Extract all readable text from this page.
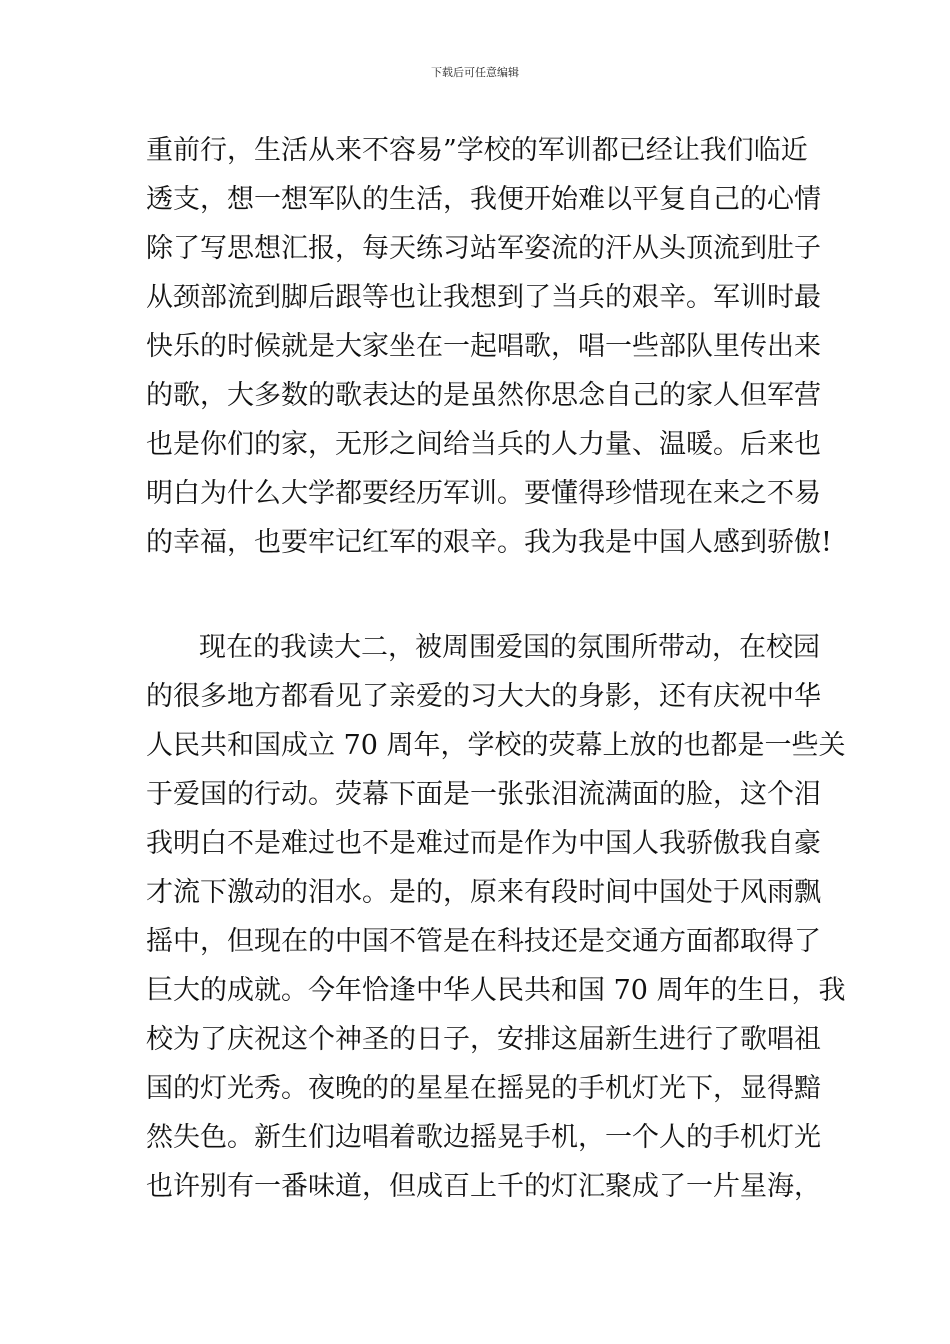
下载后可任意编辑
重前行，生活从来不容易”学校的军训都已经让我们临近
透支，想一想军队的生活，我便开始难以平复自己的心情
除了写思想汇报，每天练习站军姿流的汗从头顶流到肚子
从颈部流到脚后跟等也让我想到了当兵的艰辛。军训时最
快乐的时候就是大家坐在一起唱歌，唱一些部队里传出来
的歌，大多数的歌表达的是虽然你思念自己的家人但军营
也是你们的家，无形之间给当兵的人力量、温暖。后来也
明白为什么大学都要经历军训。要懂得珍惜现在来之不易
的幸福，也要牢记红军的艰辛。我为我是中国人感到骄傲!
现在的我读大二，被周围爱国的氛围所带动，在校园
的很多地方都看见了亲爱的习大大的身影，还有庆祝中华
人民共和国成立 70 周年，学校的荧幕上放的也都是一些关
于爱国的行动。荧幕下面是一张张泪流满面的脸，这个泪
我明白不是难过也不是难过而是作为中国人我骄傲我自豪
才流下激动的泪水。是的，原来有段时间中国处于风雨飘
摇中，但现在的中国不管是在科技还是交通方面都取得了
巨大的成就。今年恰逢中华人民共和国 70 周年的生日，我
校为了庆祝这个神圣的日子，安排这届新生进行了歌唱祖
国的灯光秀。夜晚的的星星在摇晃的手机灯光下，显得黯
然失色。新生们边唱着歌边摇晃手机，一个人的手机灯光
也许别有一番味道，但成百上千的灯汇聚成了一片星海，
